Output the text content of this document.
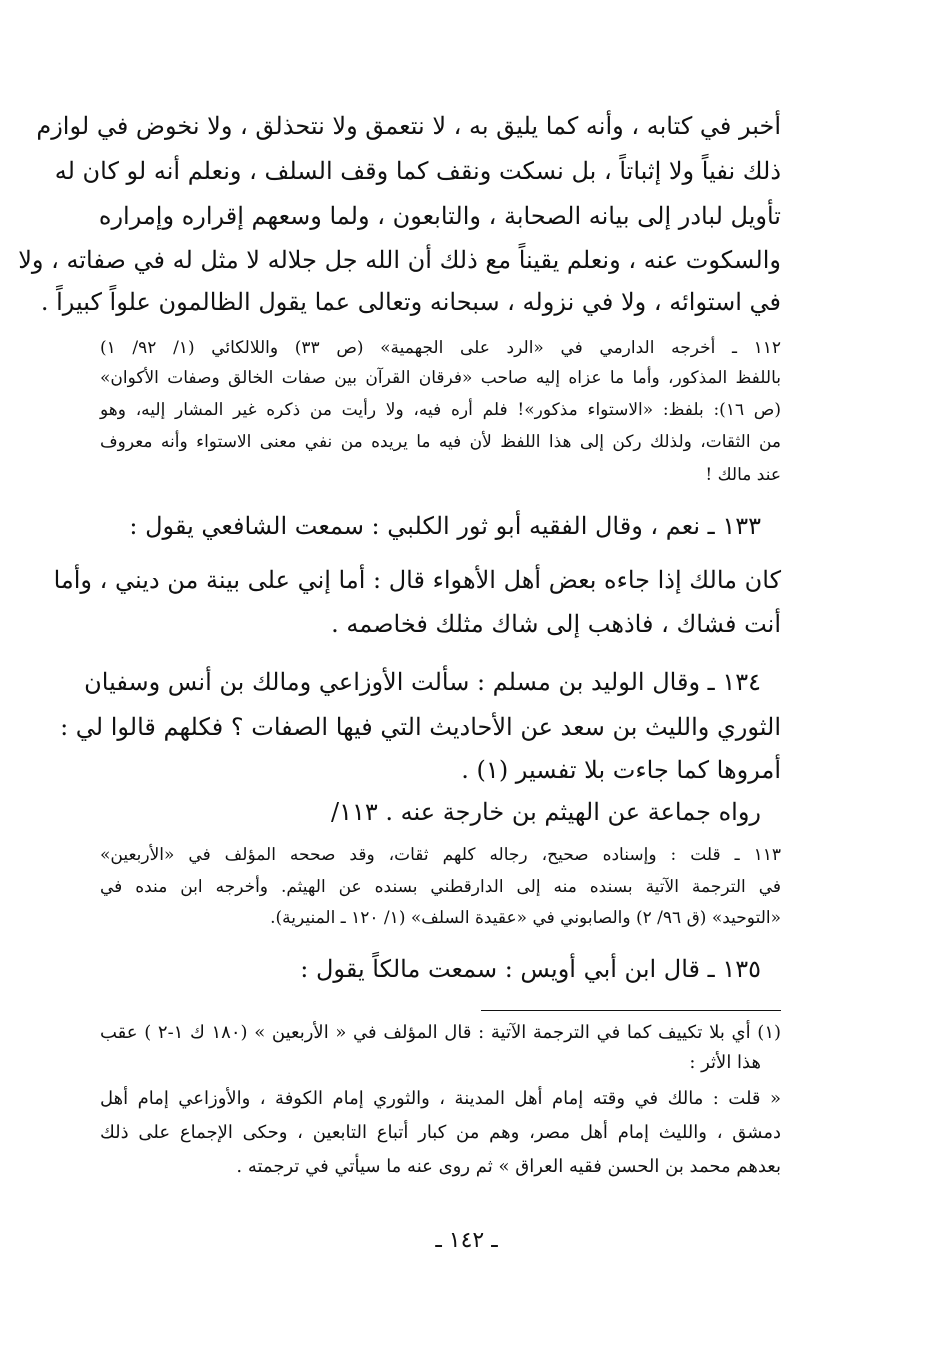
أخبر في كتابه ، وأنه كما يليق به ، لا نتعمق ولا نتحذلق ، ولا نخوض في لوازم
ذلك نفياً ولا إثباتاً ، بل نسكت ونقف كما وقف السلف ، ونعلم أنه لو كان له
تأويل لبادر إلى بيانه الصحابة ، والتابعون ، ولما وسعهم إقراره وإمراره
والسكوت عنه ، ونعلم يقيناً مع ذلك أن الله جل جلاله لا مثل له في صفاته ، ولا
في استوائه ، ولا في نزوله ، سبحانه وتعالى عما يقول الظالمون علواً كبيراً .
١١٢ ـ أخرجه الدارمي في «الرد على الجهمية» (ص ٣٣) واللالكائي (١/ ٩٢/ ١)
باللفظ المذكور، وأما ما عزاه إليه صاحب «فرقان القرآن بين صفات الخالق وصفات الأكوان»
(ص ١٦): بلفظ: «الاستواء مذكور»! فلم أره فيه، ولا رأيت من ذكره غير المشار إليه، وهو
من الثقات، ولذلك ركن إلى هذا اللفظ لأن فيه ما يريده من نفي معنى الاستواء وأنه معروف
عند مالك !
١٣٣ ـ نعم ، وقال الفقيه أبو ثور الكلبي : سمعت الشافعي يقول :
كان مالك إذا جاءه بعض أهل الأهواء قال : أما إني على بينة من ديني ، وأما
أنت فشاك ، فاذهب إلى شاك مثلك فخاصمه .
١٣٤ ـ وقال الوليد بن مسلم : سألت الأوزاعي ومالك بن أنس وسفيان
الثوري والليث بن سعد عن الأحاديث التي فيها الصفات ؟ فكلهم قالوا لي :
أمروها كما جاءت بلا تفسير (١) .
رواه جماعة عن الهيثم بن خارجة عنه . ١١٣/
١١٣ ـ قلت : وإسناده صحيح، رجاله كلهم ثقات، وقد صححه المؤلف في «الأربعين»
في الترجمة الآتية بسنده منه إلى الدارقطني بسنده عن الهيثم. وأخرجه ابن منده في
«التوحيد» (ق ٩٦/ ٢) والصابوني في «عقيدة السلف» (١/ ١٢٠ ـ المنيرية).
١٣٥ ـ قال ابن أبي أويس : سمعت مالكاً يقول :
(١) أي بلا تكييف كما في الترجمة الآتية : قال المؤلف في « الأربعين » (١٨٠ ك ١-٢ ) عقب
هذا الأثر :
« قلت : مالك في وقته إمام أهل المدينة ، والثوري إمام الكوفة ، والأوزاعي إمام أهل
دمشق ، والليث إمام أهل مصر، وهم من كبار أتباع التابعين ، وحكى الإجماع على ذلك
بعدهم محمد بن الحسن فقيه العراق » ثم روى عنه ما سيأتي في ترجمته .
ـ ١٤٢ ـ
